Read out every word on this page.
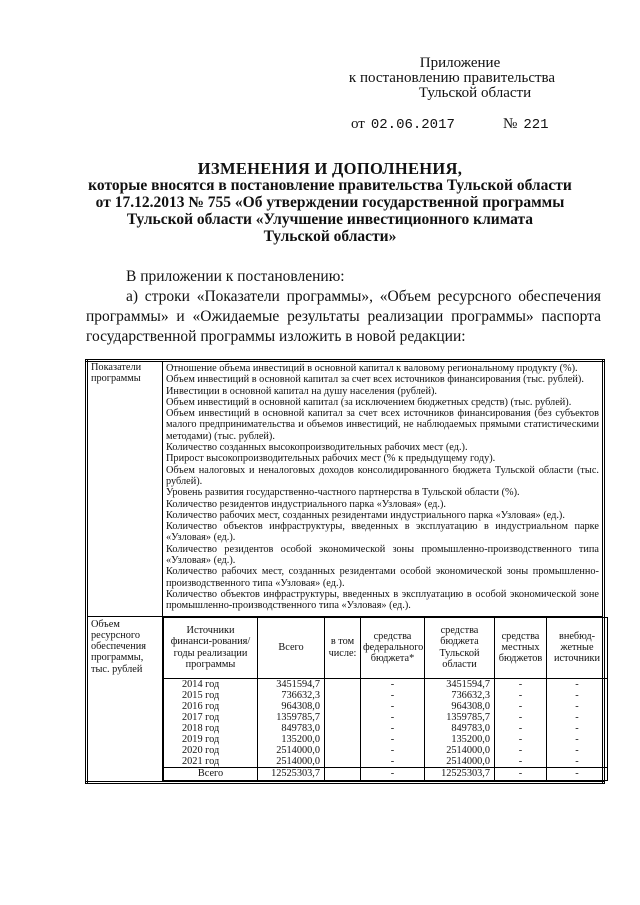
Приложение
к постановлению правительства
Тульской области
от 02.06.2017	№ 221
ИЗМЕНЕНИЯ И ДОПОЛНЕНИЯ,
которые вносятся в постановление правительства Тульской области
от 17.12.2013 № 755 «Об утверждении государственной программы
Тульской области «Улучшение инвестиционного климата
Тульской области»
В приложении к постановлению:
а) строки «Показатели программы», «Объем ресурсного обеспечения программы» и «Ожидаемые результаты реализации программы» паспорта государственной программы изложить в новой редакции:
Показатели программы	
Отношение объема инвестиций в основной капитал к валовому региональному продукту (%).
Объем инвестиций в основной капитал за счет всех источников финансирования (тыс. рублей).
Инвестиции в основной капитал на душу населения (рублей).
Объем инвестиций в основной капитал (за исключением бюджетных средств) (тыс. рублей).
Объем инвестиций в основной капитал за счет всех источников финансирования (без субъектов малого предпринимательства и объемов инвестиций, не наблюдаемых прямыми статистическими методами) (тыс. рублей).
Количество созданных высокопроизводительных рабочих мест (ед.).
Прирост высокопроизводительных рабочих мест (% к предыдущему году).
Объем налоговых и неналоговых доходов консолидированного бюджета Тульской области (тыс. рублей).
Уровень развития государственно-частного партнерства в Тульской области (%).
Количество резидентов индустриального парка «Узловая» (ед.).
Количество рабочих мест, созданных резидентами индустриального парка «Узловая» (ед.).
Количество объектов инфраструктуры, введенных в эксплуатацию в индустриальном парке «Узловая» (ед.).
Количество резидентов особой экономической зоны промышленно-производственного типа «Узловая» (ед.).
Количество рабочих мест, созданных резидентами особой экономической зоны промышленно-производственного типа «Узловая» (ед.).
Количество объектов инфраструктуры, введенных в эксплуатацию в особой экономической зоне промышленно-производственного типа «Узловая» (ед.).

Объем ресурсного обеспечения программы, тыс. рублей	
Источники финанси-рования/годы реализации программы	Всего	в том числе:	средства федерального бюджета*	средства бюджета Тульской области	средства местных бюджетов	внебюд-жетные источники
2014 год	3451594,7		-	3451594,7	-	-
2015 год	736632,3		-	736632,3	-	-
2016 год	964308,0		-	964308,0	-	-
2017 год	1359785,7		-	1359785,7	-	-
2018 год	849783,0		-	849783,0	-	-
2019 год	135200,0		-	135200,0	-	-
2020 год	2514000,0		-	2514000,0	-	-
2021 год	2514000,0		-	2514000,0	-	-
Всего	12525303,7		-	12525303,7	-	-
